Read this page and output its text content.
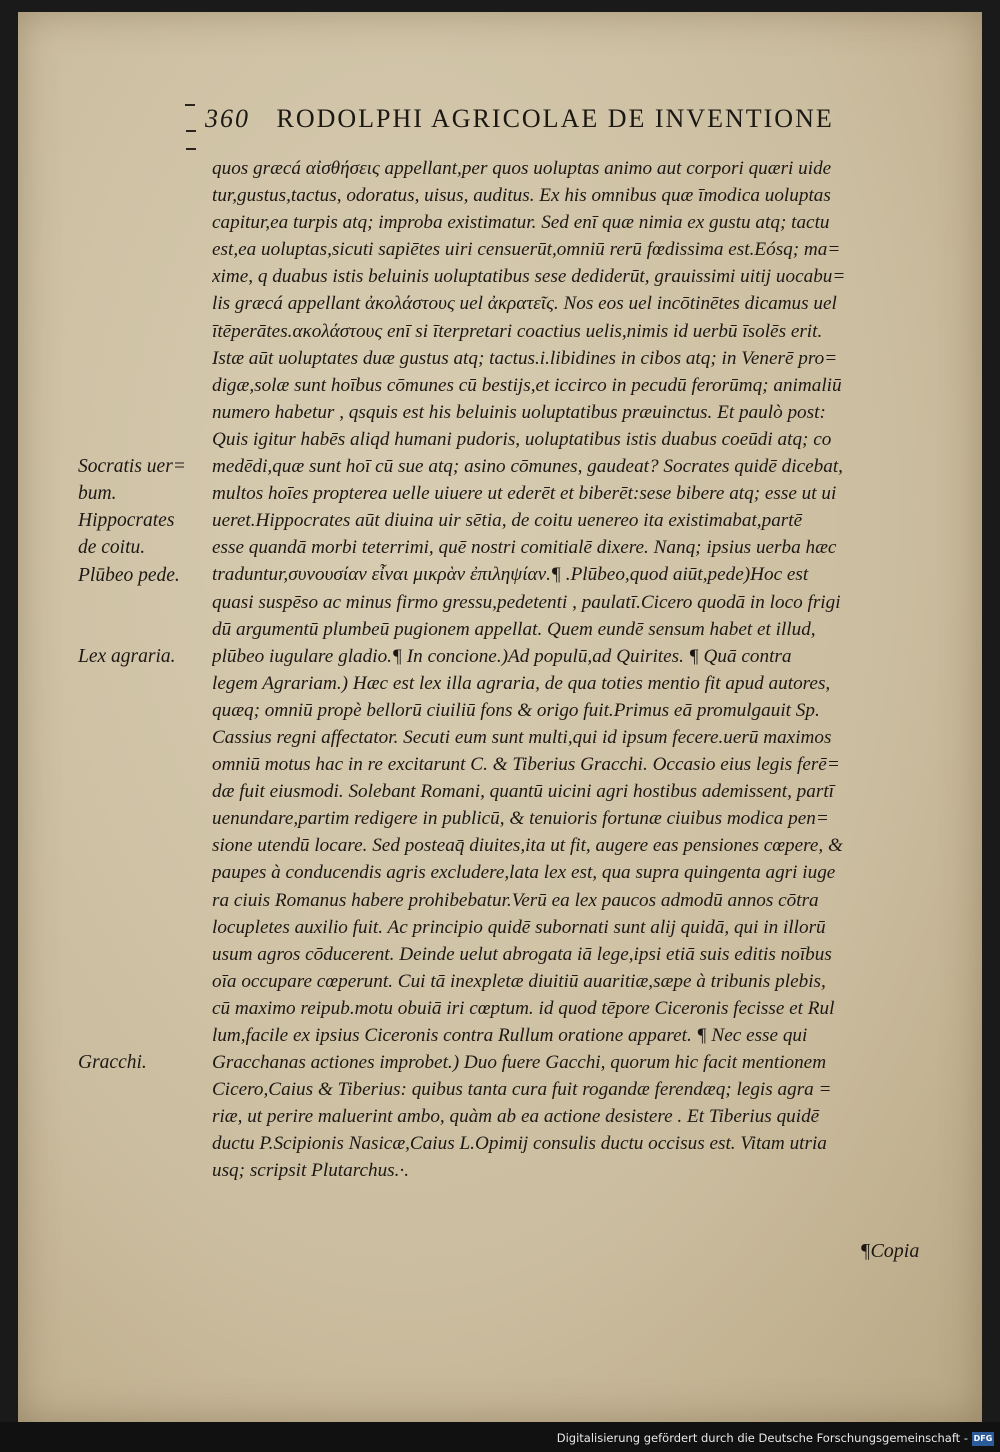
360 RODOLPHI AGRICOLAE DE INVENTIONE
quos græcá αἰσθήσεις appellant,per quos uoluptas animo aut corpori quæri uide
tur,gustus,tactus, odoratus, uisus, auditus. Ex his omnibus quæ īmodica uoluptas
capitur,ea turpis atq; improba existimatur. Sed enī quæ nimia ex gustu atq; tactu
est,ea uoluptas,sicuti sapiētes uiri censuerūt,omniū rerū fœdissima est.Eósq; ma=
xime, q duabus istis beluinis uoluptatibus sese dediderūt, grauissimi uitij uocabu=
lis græcá appellant ἀκολάστους uel ἀκρατεῖς. Nos eos uel incōtinētes dicamus uel
ītēperātes.ακολάστους enī si īterpretari coactius uelis,nimis id uerbū īsolēs erit.
Istæ aūt uoluptates duæ gustus atq; tactus.i.libidines in cibos atq; in Venerē pro=
digæ,solæ sunt hoībus cōmunes cū bestijs,et iccirco in pecudū ferorūmq; animaliū
numero habetur , qsquis est his beluinis uoluptatibus præuinctus. Et paulò post:
Quis igitur habēs aliqd humani pudoris, uoluptatibus istis duabus coeūdi atq; co
medēdi,quæ sunt hoī cū sue atq; asino cōmunes, gaudeat? Socrates quidē dicebat,
multos hoīes propterea uelle uiuere ut ederēt et biberēt:sese bibere atq; esse ut ui
ueret.Hippocrates aūt diuina uir sētia, de coitu uenereo ita existimabat,partē
esse quandā morbi teterrimi, quē nostri comitialē dixere. Nanq; ipsius uerba hæc
traduntur,συνουσίαν εἶναι μικρὰν ἐπιληψίαν.¶ .Plūbeo,quod aiūt,pede)Hoc est
quasi suspēso ac minus firmo gressu,pedetenti , paulatī.Cicero quodā in loco frigi
dū argumentū plumbeū pugionem appellat. Quem eundē sensum habet et illud,
plūbeo iugulare gladio.¶ In concione.)Ad populū,ad Quirites. ¶ Quā contra
legem Agrariam.) Hæc est lex illa agraria, de qua toties mentio fit apud autores,
quæq; omniū propè bellorū ciuiliū fons & origo fuit.Primus eā promulgauit Sp.
Cassius regni affectator. Secuti eum sunt multi,qui id ipsum fecere.uerū maximos
omniū motus hac in re excitarunt C. & Tiberius Gracchi. Occasio eius legis ferē=
dæ fuit eiusmodi. Solebant Romani, quantū uicini agri hostibus ademissent, partī
uenundare,partim redigere in publicū, & tenuioris fortunæ ciuibus modica pen=
sione utendū locare. Sed posteaq̄ diuites,ita ut fit, augere eas pensiones cœpere, &
paupes à conducendis agris excludere,lata lex est, qua supra quingenta agri iuge
ra ciuis Romanus habere prohibebatur.Verū ea lex paucos admodū annos cōtra
locupletes auxilio fuit. Ac principio quidē subornati sunt alij quidā, qui in illorū
usum agros cōducerent. Deinde uelut abrogata iā lege,ipsi etiā suis editis noībus
oīa occupare cœperunt. Cui tā inexpletæ diuitiū auaritiæ,sæpe à tribunis plebis,
cū maximo reipub.motu obuiā iri cœptum. id quod tēpore Ciceronis fecisse et Rul
lum,facile ex ipsius Ciceronis contra Rullum oratione apparet. ¶ Nec esse qui
Gracchanas actiones improbet.) Duo fuere Gacchi, quorum hic facit mentionem
Cicero,Caius & Tiberius: quibus tanta cura fuit rogandæ ferendæq; legis agra =
riæ, ut perire maluerint ambo, quàm ab ea actione desistere . Et Tiberius quidē
ductu P.Scipionis Nasicæ,Caius L.Opimij consulis ductu occisus est. Vitam utria
usq; scripsit Plutarchus.·.
Socratis uer=
bum.
Hippocrates
de coitu.
Plūbeo pede.
Lex agraria.
Gracchi.
¶Copia
Digitalisierung gefördert durch die Deutsche Forschungsgemeinschaft - DFG
